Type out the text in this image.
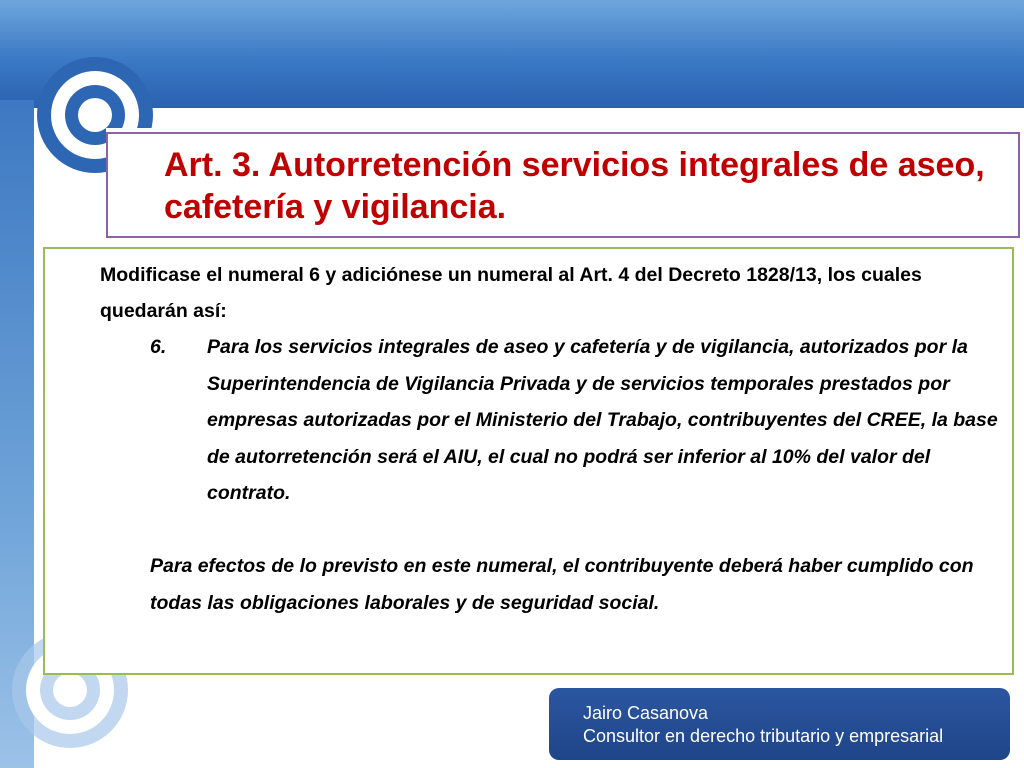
Art. 3. Autorretención servicios integrales de aseo, cafetería y vigilancia.

Modificase el numeral 6 y adiciónese un numeral al Art. 4 del Decreto 1828/13, los cuales quedarán así:

6.	Para los servicios integrales de aseo y cafetería y de vigilancia, autorizados por la Superintendencia de Vigilancia Privada y de servicios temporales prestados por empresas autorizadas por el Ministerio del Trabajo, contribuyentes del CREE, la base de autorretención será el AIU, el cual no podrá ser inferior al 10% del valor del contrato.

Para efectos de lo previsto en este numeral, el contribuyente deberá haber cumplido con todas las obligaciones laborales y de seguridad social.

Jairo Casanova
Consultor en derecho tributario y empresarial
